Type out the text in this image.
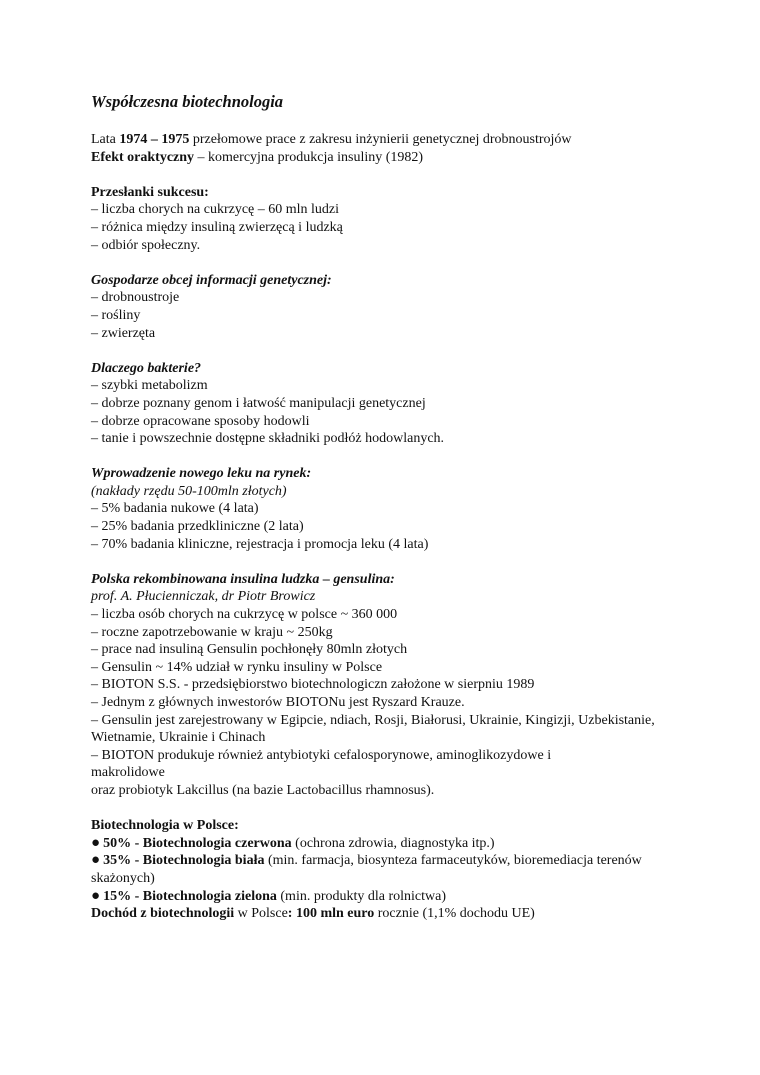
Współczesna biotechnologia
Lata 1974 – 1975 przełomowe prace z zakresu inżynierii genetycznej drobnoustrojów
Efekt oraktyczny – komercyjna produkcja insuliny (1982)
Przesłanki sukcesu:
– liczba chorych na cukrzycę – 60 mln ludzi
– różnica między insuliną zwierzęcą i ludzką
– odbiór społeczny.
Gospodarze obcej informacji genetycznej:
– drobnoustroje
– rośliny
– zwierzęta
Dlaczego bakterie?
– szybki metabolizm
– dobrze poznany genom i łatwość manipulacji genetycznej
– dobrze opracowane sposoby hodowli
– tanie i powszechnie dostępne składniki podłóż hodowlanych.
Wprowadzenie nowego leku na rynek:
(nakłady rzędu 50-100mln złotych)
– 5% badania nukowe (4 lata)
– 25% badania przedkliniczne (2 lata)
– 70% badania kliniczne, rejestracja i promocja leku (4 lata)
Polska rekombinowana insulina ludzka – gensulina:
prof. A. Płucienniczak, dr Piotr Browicz
– liczba osób chorych na cukrzycę w polsce ~ 360 000
– roczne zapotrzebowanie w kraju ~ 250kg
– prace nad insuliną Gensulin pochłonęły 80mln złotych
– Gensulin ~ 14% udział w rynku insuliny w Polsce
– BIOTON S.S. - przedsiębiorstwo biotechnologiczn założone w sierpniu 1989
– Jednym z głównych inwestorów BIOTONu jest Ryszard Krauze.
– Gensulin jest zarejestrowany w Egipcie, ndiach, Rosji, Białorusi, Ukrainie, Kingizji, Uzbekistanie, Wietnamie, Ukrainie i Chinach
– BIOTON produkuje również antybiotyki cefalosporynowe, aminoglikozydowe i makrolidowe
oraz probiotyk Lakcillus (na bazie Lactobacillus rhamnosus).
Biotechnologia w Polsce:
● 50% - Biotechnologia czerwona (ochrona zdrowia, diagnostyka itp.)
● 35% - Biotechnologia biała (min. farmacja, biosynteza farmaceutyków, bioremediacja terenów skażonych)
● 15% - Biotechnologia zielona (min. produkty dla rolnictwa)
Dochód z biotechnologii w Polsce: 100 mln euro rocznie (1,1% dochodu UE)
